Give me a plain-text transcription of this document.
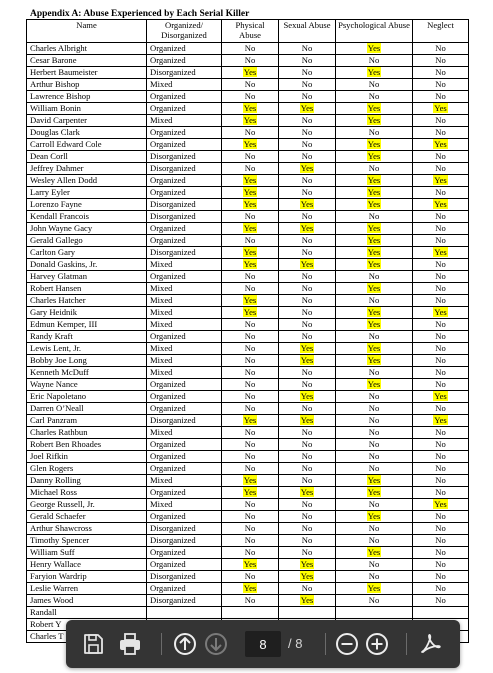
Appendix A: Abuse Experienced by Each Serial Killer
Name	Organized/ Disorganized	Physical Abuse	Sexual Abuse	Psychological Abuse	Neglect
Charles Albright	Organized	No	No	Yes	No
Cesar Barone	Organized	No	No	No	No
Herbert Baumeister	Disorganized	Yes	No	Yes	No
Arthur Bishop	Mixed	No	No	No	No
Lawrence Bishop	Organized	No	No	No	No
William Bonin	Organized	Yes	Yes	Yes	Yes
David Carpenter	Mixed	Yes	No	Yes	No
Douglas Clark	Organized	No	No	No	No
Carroll Edward Cole	Organized	Yes	No	Yes	Yes
Dean Corll	Disorganized	No	No	Yes	No
Jeffrey Dahmer	Disorganized	No	Yes	No	No
Wesley Allen Dodd	Organized	Yes	No	Yes	Yes
Larry Eyler	Organized	Yes	No	Yes	No
Lorenzo Fayne	Disorganized	Yes	Yes	Yes	Yes
Kendall Francois	Disorganized	No	No	No	No
John Wayne Gacy	Organized	Yes	Yes	Yes	No
Gerald Gallego	Organized	No	No	Yes	No
Carlton Gary	Disorganized	Yes	No	Yes	Yes
Donald Gaskins, Jr.	Mixed	Yes	Yes	Yes	No
Harvey Glatman	Organized	No	No	No	No
Robert Hansen	Mixed	No	No	Yes	No
Charles Hatcher	Mixed	Yes	No	No	No
Gary Heidnik	Mixed	Yes	No	Yes	Yes
Edmun Kemper, III	Mixed	No	No	Yes	No
Randy Kraft	Organized	No	No	No	No
Lewis Lent, Jr.	Mixed	No	Yes	Yes	No
Bobby Joe Long	Mixed	No	Yes	Yes	No
Kenneth McDuff	Mixed	No	No	No	No
Wayne Nance	Organized	No	No	Yes	No
Eric Napoletano	Organized	No	Yes	No	Yes
Darren O’Neall	Organized	No	No	No	No
Carl Panzram	Disorganized	Yes	Yes	No	Yes
Charles Rathbun	Mixed	No	No	No	No
Robert Ben Rhoades	Organized	No	No	No	No
Joel Rifkin	Organized	No	No	No	No
Glen Rogers	Organized	No	No	No	No
Danny Rolling	Mixed	Yes	No	Yes	No
Michael Ross	Organized	Yes	Yes	Yes	No
George Russell, Jr.	Mixed	No	No	No	Yes
Gerald Schaefer	Organized	No	No	Yes	No
Arthur Shawcross	Disorganized	No	No	No	No
Timothy Spencer	Disorganized	No	No	No	No
William Suff	Organized	No	No	Yes	No
Henry Wallace	Organized	Yes	Yes	No	No
Faryion Wardrip	Disorganized	No	Yes	No	No
Leslie Warren	Organized	Yes	No	Yes	No
James Wood	Disorganized	No	Yes	No	No
Randall					
Robert Y					
Charles T					
8	/ 8
